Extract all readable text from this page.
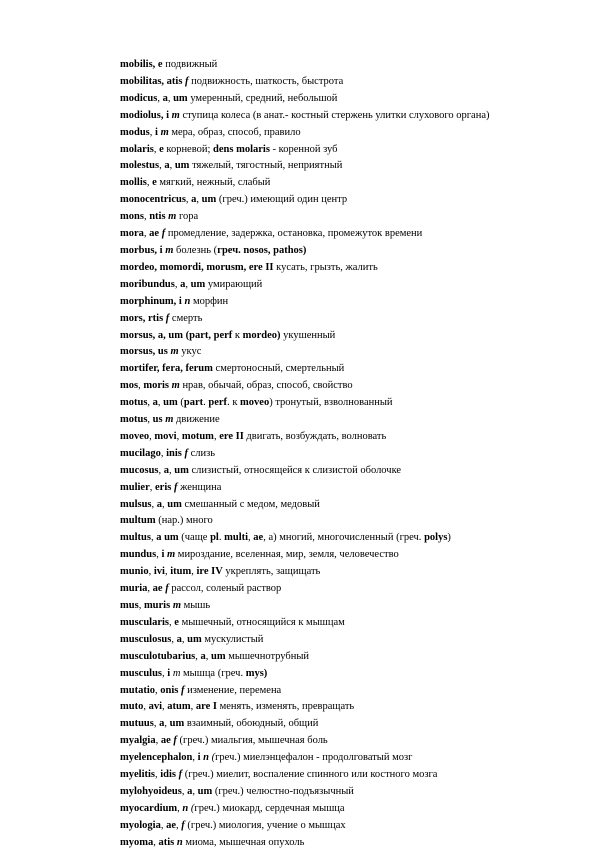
mobilis, e подвижный
mobilitas, atis f подвижность, шаткость, быстрота
modicus, a, um умеренный, средний, небольшой
modiolus, i m ступица колеса (в анат.- костный стержень улитки слухового органа)
modus, i m мера, образ, способ, правило
molaris, e корневой; dens molaris - коренной зуб
molestus, a, um тяжелый, тягостный, неприятный
mollis, e мягкий, нежный, слабый
monocentricus, a, um (греч.) имеющий один центр
mons, ntis m гора
mora, ae f промедление, задержка, остановка, промежуток времени
morbus, i m болезнь (греч. nosos, pathos)
mordeo, momordi, morusm, ere II кусать, грызть, жалить
moribundus, a, um умирающий
morphinum, i n морфин
mors, rtis f смерть
morsus, a, um (part, perf к mordeo) укушенный
morsus, us m укус
mortifer, fera, ferum смертоносный, смертельный
mos, moris m нрав, обычай, образ, способ, свойство
motus, a, um (part. perf. к moveo) тронутый, взволнованный
motus, us m движение
moveo, movi, motum, ere II двигать, возбуждать, волновать
mucilago, inis f слизь
mucosus, a, um слизистый, относящейся к слизистой оболочке
mulier, eris f женщина
mulsus, a, um смешанный с медом, медовый
multum (нар.) много
multus, a um (чаще pl. multi, ae, а) многий, многочисленный (греч. polys)
mundus, i m мироздание, вселенная, мир, земля, человечество
munio, ivi, itum, ire IV укреплять, защищать
muria, ae f рассол, соленый раствор
mus, muris m мышь
muscularis, e мышечный, относящийся к мышцам
musculosus, a, um мускулистый
musculotubarius, a, um мышечнотрубный
musculus, i m мышца (греч. mys)
mutatio, onis f изменение, перемена
muto, avi, atum, are I менять, изменять, превращать
mutuus, a, um взаимный, обоюдный, общий
myalgia, ae f (греч.) миальгия, мышечная боль
myelencephalon, i n (греч.) миелэнцефалон - продолговатый мозг
myelitis, idis f (греч.) миелит, воспаление спинного или костного мозга
mylohyoideus, a, um (греч.) челюстно-подъязычный
myocardium, n (греч.) миокард, сердечная мышца
myologia, ae, f (греч.) миология, учение о мышцах
myoma, atis n миома, мышечная опухоль
